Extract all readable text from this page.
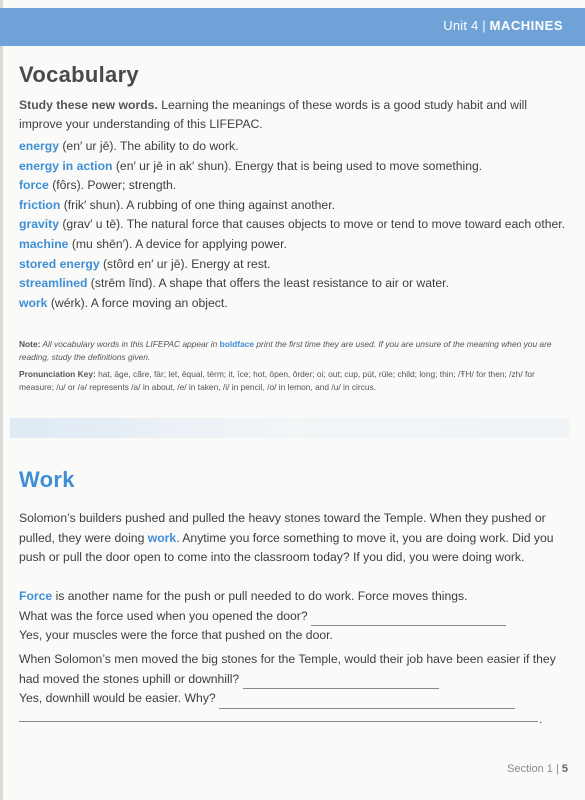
Unit 4 | MACHINES
Vocabulary

Study these new words. Learning the meanings of these words is a good study habit and will improve your understanding of this LIFEPAC.

energy (en′ ur jē). The ability to do work.
energy in action (en′ ur jē in ak′ shun). Energy that is being used to move something.
force (fôrs). Power; strength.
friction (frik′ shun). A rubbing of one thing against another.
gravity (grav′ u tē). The natural force that causes objects to move or tend to move toward each other.
machine (mu shēn′). A device for applying power.
stored energy (stôrd en′ ur jē). Energy at rest.
streamlined (strēm līnd). A shape that offers the least resistance to air or water.
work (wérk). A force moving an object.

Note: All vocabulary words in this LIFEPAC appear in boldface print the first time they are used. If you are unsure of the meaning when you are reading, study the definitions given.

Pronunciation Key: hat, āge, cãre, fär; let, ēqual, térm; it, īce; hot, ōpen, ôrder; oi; out; cup, pút, rüle; child; long; thin; /ŦH/ for then; /zh/ for measure; /u/ or /ə/ represents /a/ in about, /e/ in taken, /i/ in pencil, /o/ in lemon, and /u/ in circus.

Work

Solomon’s builders pushed and pulled the heavy stones toward the Temple. When they pushed or pulled, they were doing work. Anytime you force something to move it, you are doing work. Did you push or pull the door open to come into the classroom today? If you did, you were doing work.

Force is another name for the push or pull needed to do work. Force moves things.
What was the force used when you opened the door?
Yes, your muscles were the force that pushed on the door.

When Solomon’s men moved the big stones for the Temple, would their job have been easier if they had moved the stones uphill or downhill?
Yes, downhill would be easier. Why?

.
Section 1 | 5
